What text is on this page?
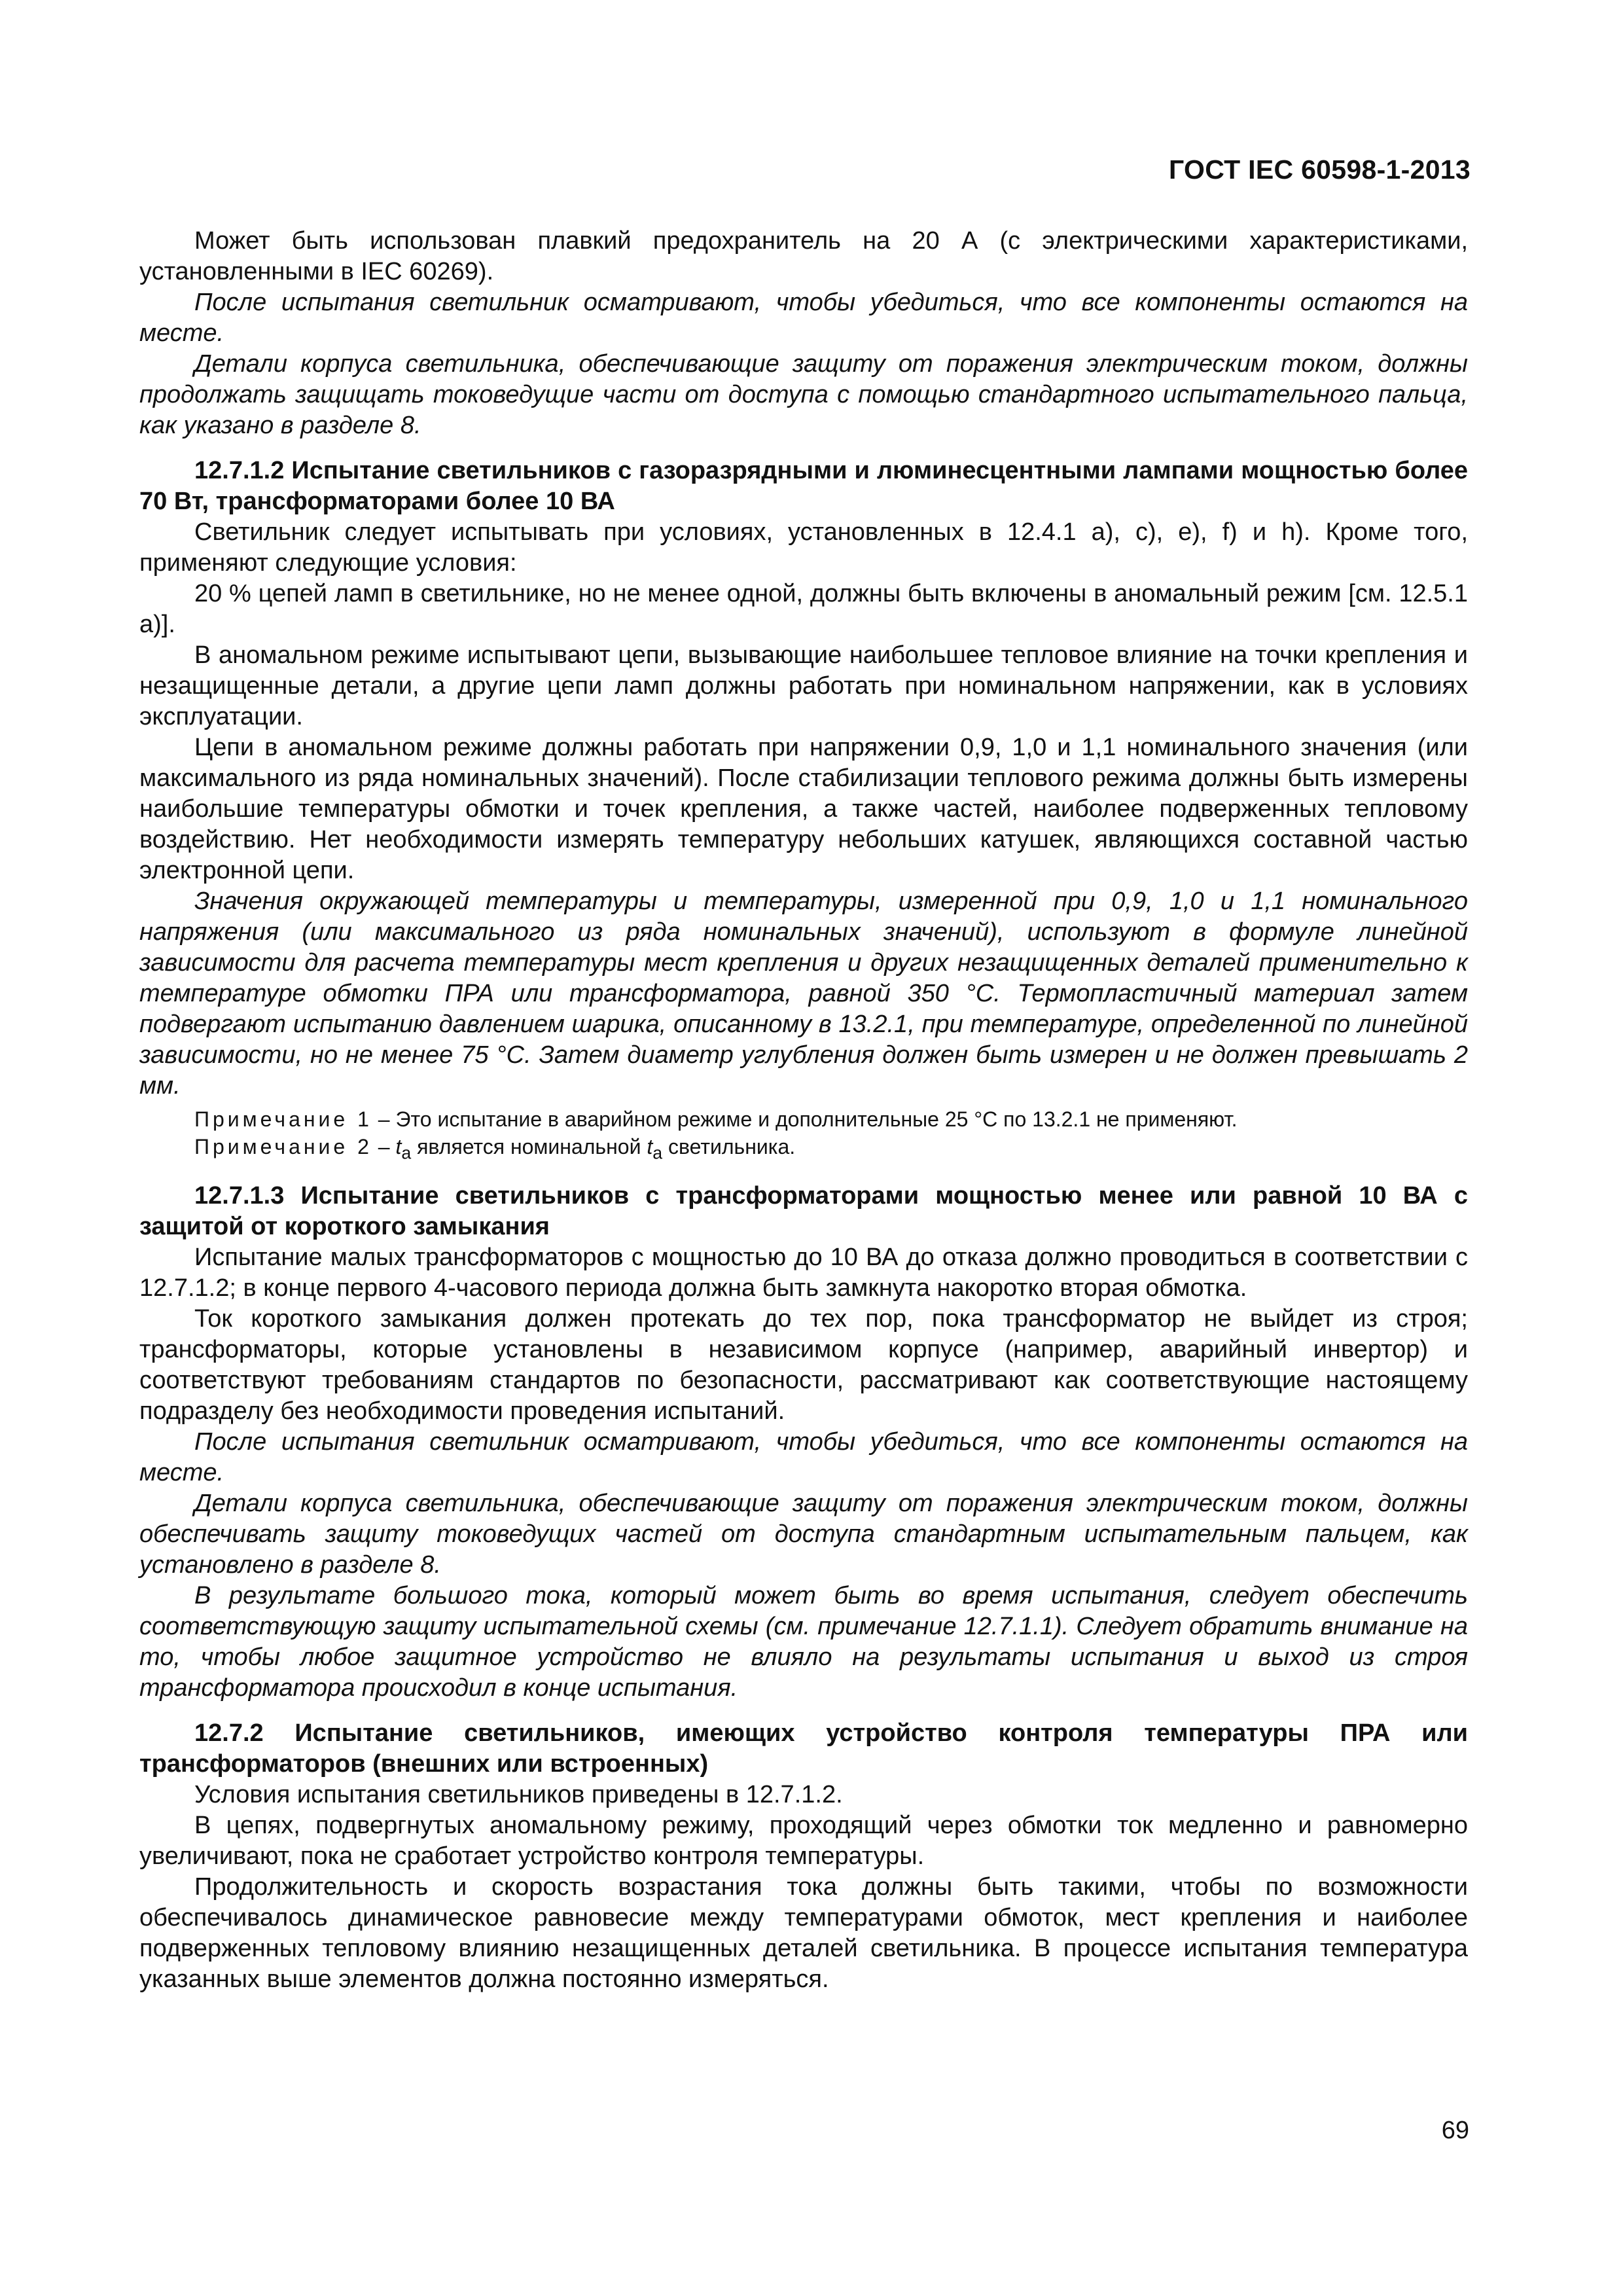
ГОСТ IEC 60598-1-2013

Может быть использован плавкий предохранитель на 20 А (с электрическими характеристиками, установленными в IEC 60269).

После испытания светильник осматривают, чтобы убедиться, что все компоненты остаются на месте.

Детали корпуса светильника, обеспечивающие защиту от поражения электрическим током, должны продолжать защищать токоведущие части от доступа с помощью стандартного испытательного пальца, как указано в разделе 8.

12.7.1.2 Испытание светильников с газоразрядными и люминесцентными лампами мощностью более 70 Вт, трансформаторами более 10 ВА

Светильник следует испытывать при условиях, установленных в 12.4.1 а), с), е), f) и h). Кроме того, применяют следующие условия:

20 % цепей ламп в светильнике, но не менее одной, должны быть включены в аномальный режим [см. 12.5.1 а)].

В аномальном режиме испытывают цепи, вызывающие наибольшее тепловое влияние на точки крепления и незащищенные детали, а другие цепи ламп должны работать при номинальном напряжении, как в условиях эксплуатации.

Цепи в аномальном режиме должны работать при напряжении 0,9, 1,0 и 1,1 номинального значения (или максимального из ряда номинальных значений). После стабилизации теплового режима должны быть измерены наибольшие температуры обмотки и точек крепления, а также частей, наиболее подверженных тепловому воздействию. Нет необходимости измерять температуру небольших катушек, являющихся составной частью электронной цепи.

Значения окружающей температуры и температуры, измеренной при 0,9, 1,0 и 1,1 номинального напряжения (или максимального из ряда номинальных значений), используют в формуле линейной зависимости для расчета температуры мест крепления и других незащищенных деталей применительно к температуре обмотки ПРА или трансформатора, равной 350 °С. Термопластичный материал затем подвергают испытанию давлением шарика, описанному в 13.2.1, при температуре, определенной по линейной зависимости, но не менее 75 °С. Затем диаметр углубления должен быть измерен и не должен превышать 2 мм.

Примечание 1 – Это испытание в аварийном режиме и дополнительные 25 °С по 13.2.1 не применяют.

Примечание $2 - t_a$ является номинальной $t_a$ светильника.

12.7.1.3 Испытание светильников с трансформаторами мощностью менее или равной 10 ВА с защитой от короткого замыкания

Испытание малых трансформаторов с мощностью до 10 ВА до отказа должно проводиться в соответствии с 12.7.1.2; в конце первого 4-часового периода должна быть замкнута накоротко вторая обмотка.

Ток короткого замыкания должен протекать до тех пор, пока трансформатор не выйдет из строя; трансформаторы, которые установлены в независимом корпусе (например, аварийный инвертор) и соответствуют требованиям стандартов по безопасности, рассматривают как соответствующие настоящему подразделу без необходимости проведения испытаний.

После испытания светильник осматривают, чтобы убедиться, что все компоненты остаются на месте.

Детали корпуса светильника, обеспечивающие защиту от поражения электрическим током, должны обеспечивать защиту токоведущих частей от доступа стандартным испытательным пальцем, как установлено в разделе 8.

В результате большого тока, который может быть во время испытания, следует обеспечить соответствующую защиту испытательной схемы (см. примечание 12.7.1.1). Следует обратить внимание на то, чтобы любое защитное устройство не влияло на результаты испытания и выход из строя трансформатора происходил в конце испытания.

12.7.2 Испытание светильников, имеющих устройство контроля температуры ПРА или трансформаторов (внешних или встроенных)

Условия испытания светильников приведены в 12.7.1.2.

В цепях, подвергнутых аномальному режиму, проходящий через обмотки ток медленно и равномерно увеличивают, пока не сработает устройство контроля температуры.

Продолжительность и скорость возрастания тока должны быть такими, чтобы по возможности обеспечивалось динамическое равновесие между температурами обмоток, мест крепления и наиболее подверженных тепловому влиянию незащищенных деталей светильника. В процессе испытания температура указанных выше элементов должна постоянно измеряться.

69
